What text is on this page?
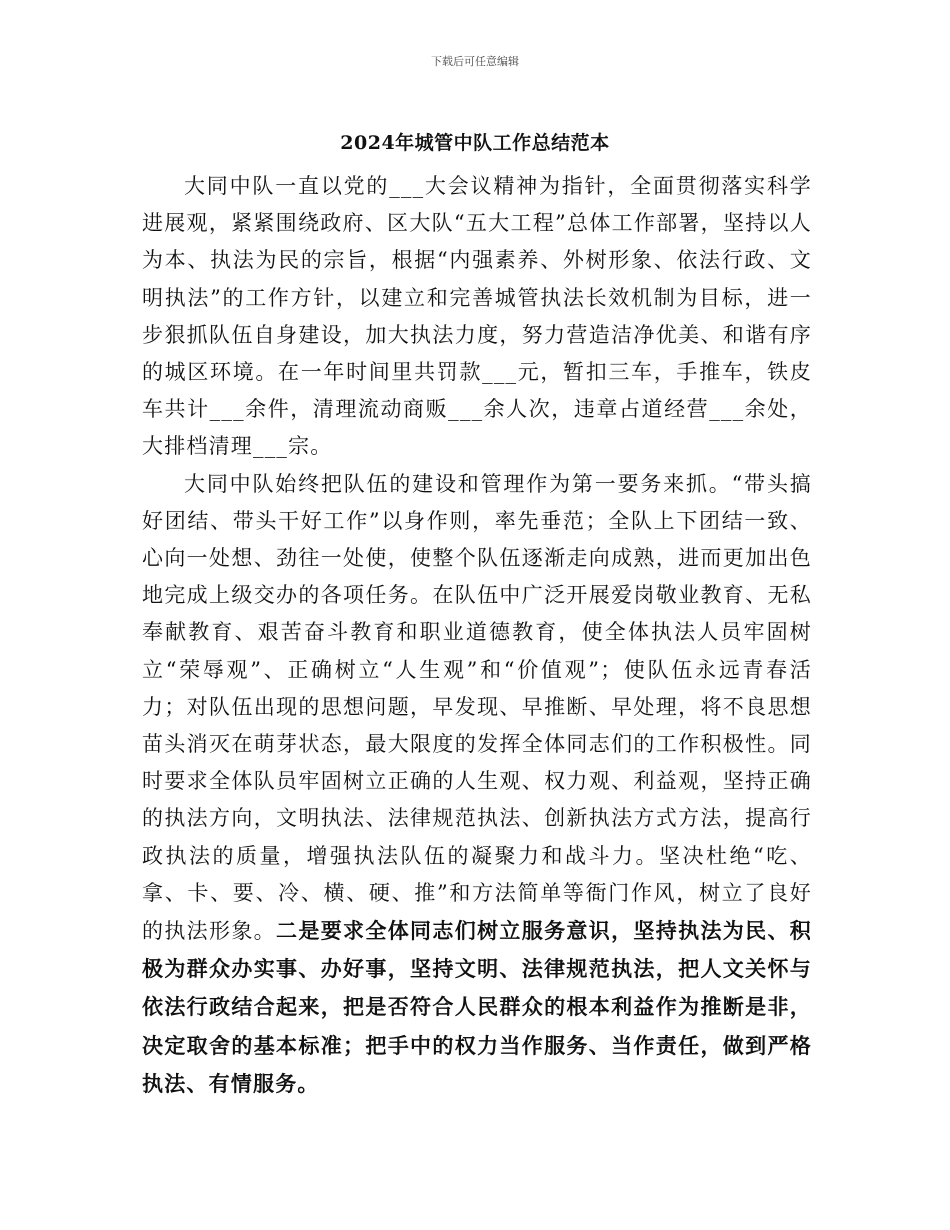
下载后可任意编辑
2024年城管中队工作总结范本

大同中队一直以党的___大会议精神为指针，全面贯彻落实科学进展观，紧紧围绕政府、区大队“五大工程”总体工作部署，坚持以人为本、执法为民的宗旨，根据“内强素养、外树形象、依法行政、文明执法”的工作方针，以建立和完善城管执法长效机制为目标，进一步狠抓队伍自身建设，加大执法力度，努力营造洁净优美、和谐有序的城区环境。在一年时间里共罚款___元，暂扣三车，手推车，铁皮车共计___余件，清理流动商贩___余人次，违章占道经营___余处，大排档清理___宗。

大同中队始终把队伍的建设和管理作为第一要务来抓。“带头搞好团结、带头干好工作”以身作则，率先垂范；全队上下团结一致、心向一处想、劲往一处使，使整个队伍逐渐走向成熟，进而更加出色地完成上级交办的各项任务。在队伍中广泛开展爱岗敬业教育、无私奉献教育、艰苦奋斗教育和职业道德教育，使全体执法人员牢固树立“荣辱观”、正确树立“人生观”和“价值观”；使队伍永远青春活力；对队伍出现的思想问题，早发现、早推断、早处理，将不良思想苗头消灭在萌芽状态，最大限度的发挥全体同志们的工作积极性。同时要求全体队员牢固树立正确的人生观、权力观、利益观，坚持正确的执法方向，文明执法、法律规范执法、创新执法方式方法，提高行政执法的质量，增强执法队伍的凝聚力和战斗力。坚决杜绝“吃、拿、卡、要、冷、横、硬、推”和方法简单等衙门作风，树立了良好的执法形象。二是要求全体同志们树立服务意识，坚持执法为民、积极为群众办实事、办好事，坚持文明、法律规范执法，把人文关怀与依法行政结合起来，把是否符合人民群众的根本利益作为推断是非，决定取舍的基本标准；把手中的权力当作服务、当作责任，做到严格执法、有情服务。
